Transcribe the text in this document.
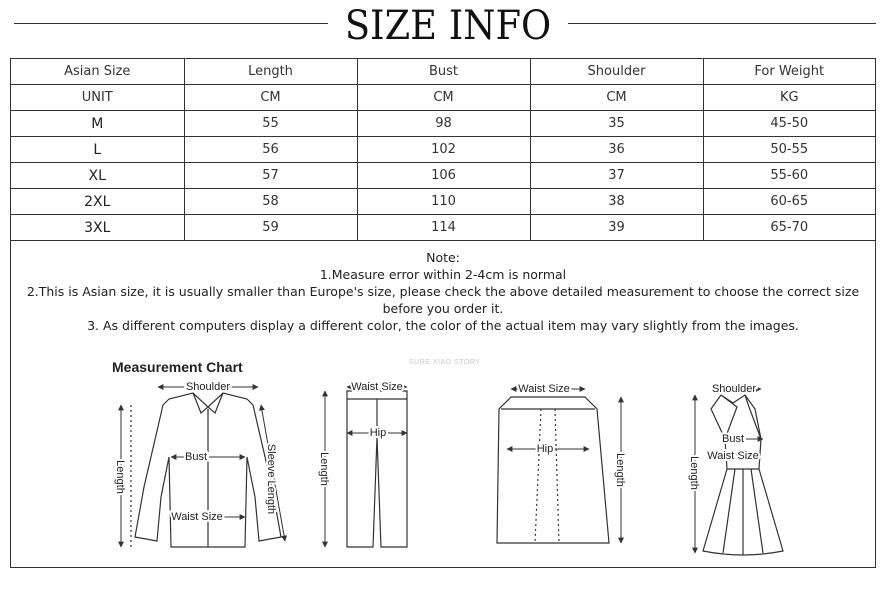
SIZE INFO
Asian Size	Length	Bust	Shoulder	For Weight
UNIT	CM	CM	CM	KG
M	55	98	35	45-50
L	56	102	36	50-55
XL	57	106	37	55-60
2XL	58	110	38	60-65
3XL	59	114	39	65-70
Note:
1.Measure error within 2-4cm is normal
2.This is Asian size, it is usually smaller than Europe's size, please check the above detailed measurement to choose the correct size before you order it.
3. As different computers display a different color, the color of the actual item may vary slightly from the images.
Measurement Chart	SURE XIAO STORY
Shoulder
Bust
Waist Size
Length	Sleeve Length
Waist Size
Hip
Length
Waist Size
Hip
Length
Shoulder
Bust
Waist Size
Length
